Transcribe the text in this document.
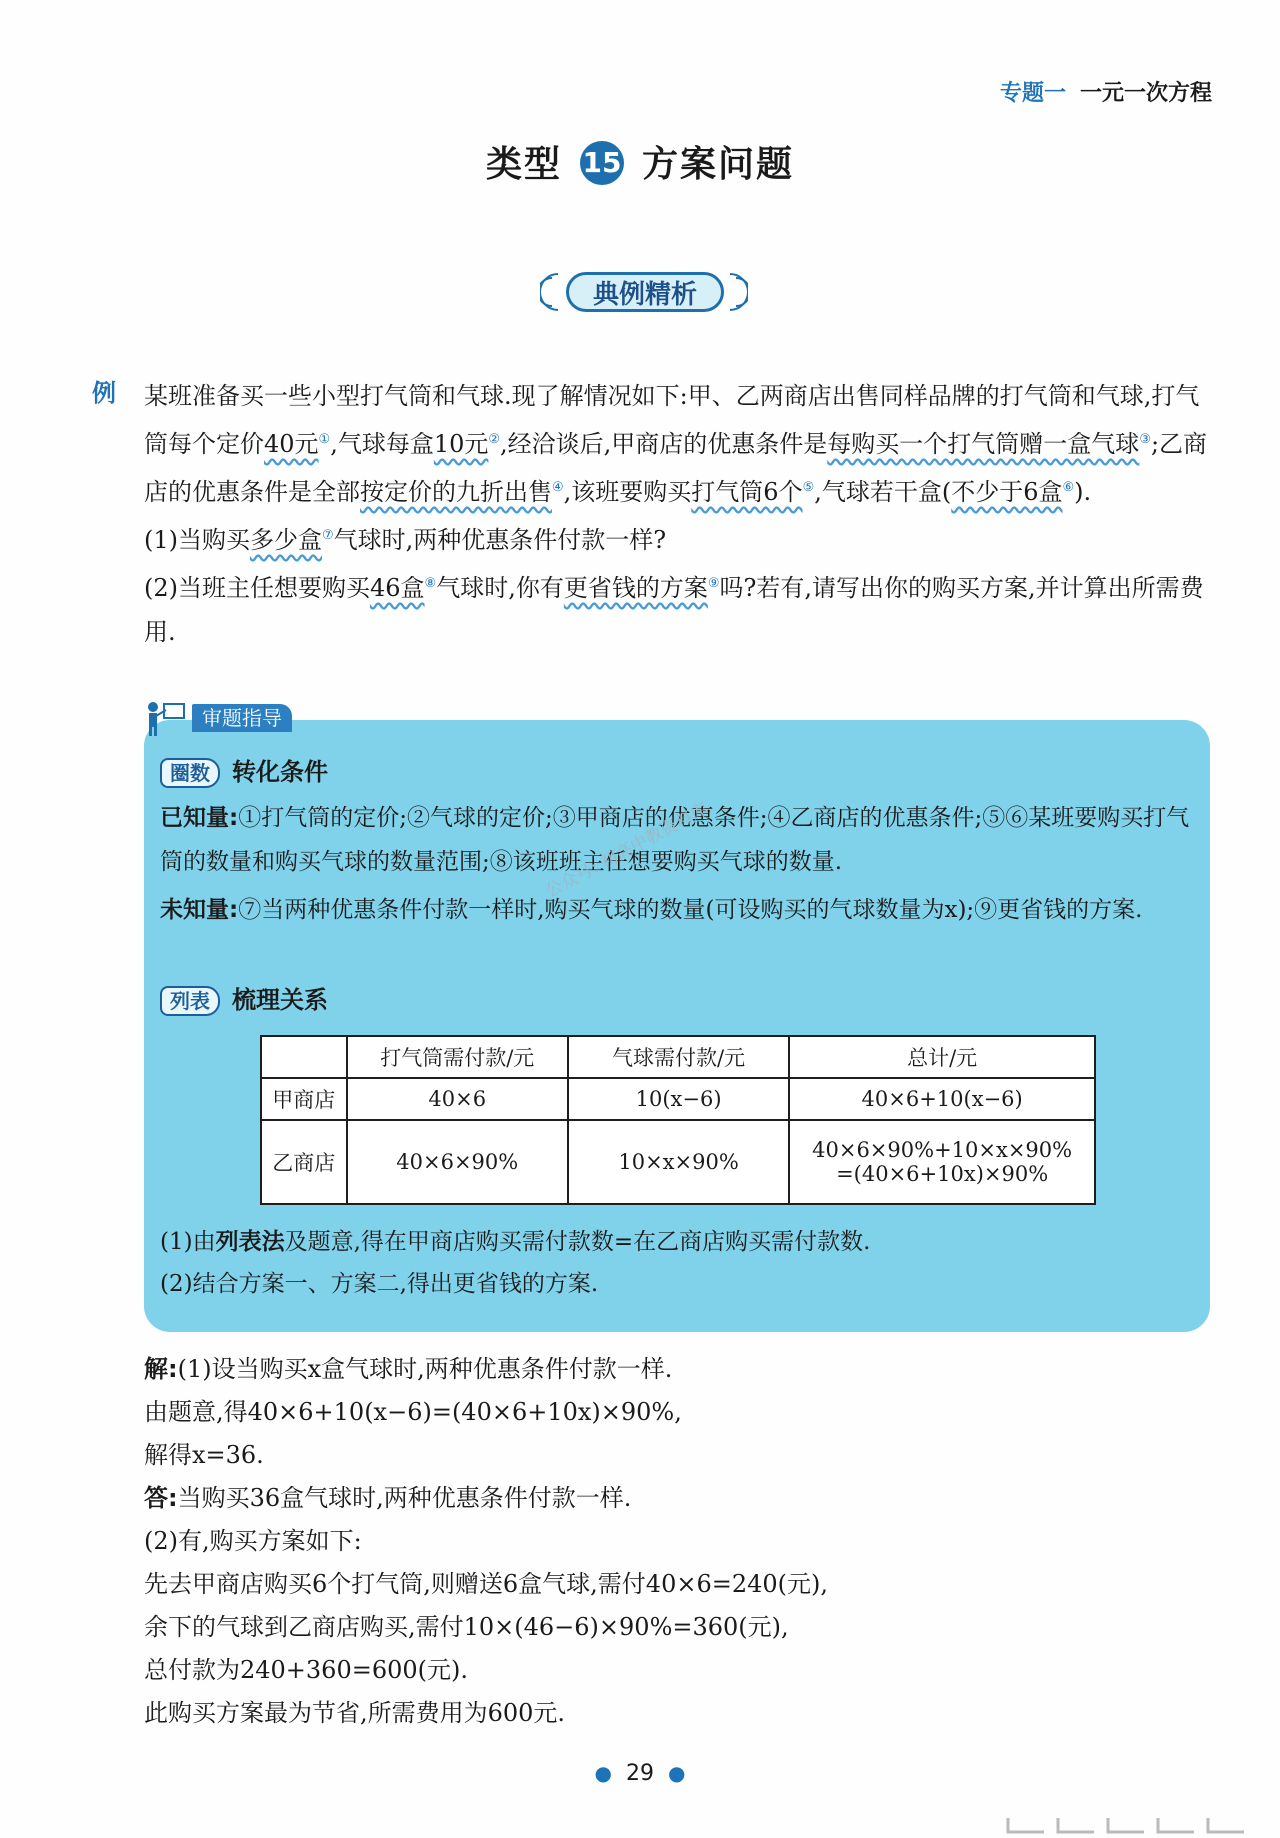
专题一 一元一次方程
类型 15 方案问题
典例精析
例 某班准备买一些小型打气筒和气球.现了解情况如下:甲、乙两商店出售同样品牌的打气筒和气球,打气筒每个定价40元①,气球每盒10元②,经洽谈后,甲商店的优惠条件是每购买一个打气筒赠一盒气球③;乙商店的优惠条件是全部按定价的九折出售④,该班要购买打气筒6个⑤,气球若干盒(不少于6盒⑥).
(1)当购买多少盒⑦气球时,两种优惠条件付款一样?
(2)当班主任想要购买46盒⑧气球时,你有更省钱的方案⑨吗?若有,请写出你的购买方案,并计算出所需费用.
审题指导
圈数 转化条件
已知量:①打气筒的定价;②气球的定价;③甲商店的优惠条件;④乙商店的优惠条件;⑤⑥某班要购买打气筒的数量和购买气球的数量范围;⑧该班班主任想要购买气球的数量.
未知量:⑦当两种优惠条件付款一样时,购买气球的数量(可设购买的气球数量为x);⑨更省钱的方案.
列表 梳理关系
	打气筒需付款/元	气球需付款/元	总计/元
甲商店	40×6	10(x−6)	40×6+10(x−6)
乙商店	40×6×90%	10×x×90%	40×6×90%+10×x×90%
=(40×6+10x)×90%
(1)由列表法及题意,得在甲商店购买需付款数=在乙商店购买需付款数.
(2)结合方案一、方案二,得出更省钱的方案.
公众号: 初高中教资料库
解:(1)设当购买x盒气球时,两种优惠条件付款一样.
由题意,得40×6+10(x−6)=(40×6+10x)×90%,
解得x=36.
答:当购买36盒气球时,两种优惠条件付款一样.
(2)有,购买方案如下:
先去甲商店购买6个打气筒,则赠送6盒气球,需付40×6=240(元),
余下的气球到乙商店购买,需付10×(46−6)×90%=360(元),
总付款为240+360=600(元).
此购买方案最为节省,所需费用为600元.
● 29 ●
